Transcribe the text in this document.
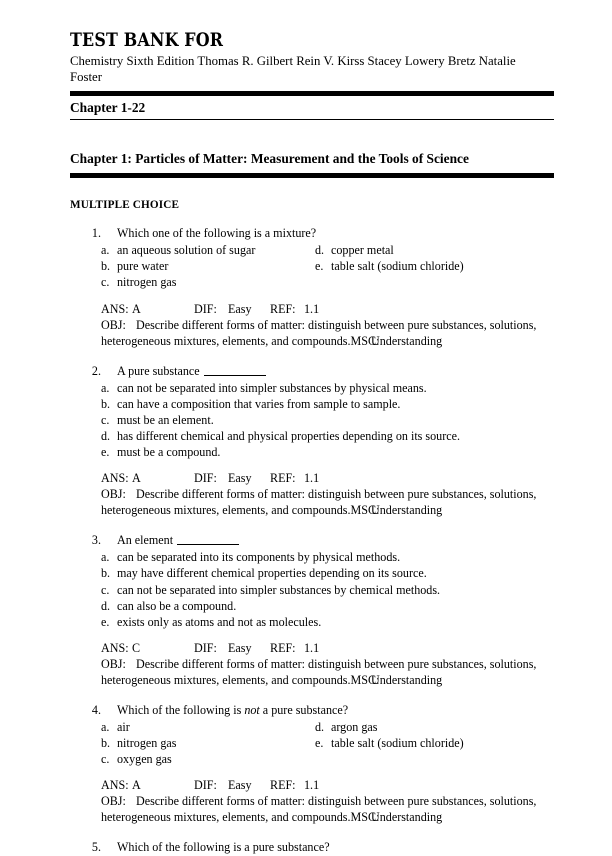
TEST BANK FOR
Chemistry Sixth Edition Thomas R. Gilbert Rein V. Kirss Stacey Lowery Bretz Natalie Foster
Chapter 1-22
Chapter 1: Particles of Matter: Measurement and the Tools of Science
MULTIPLE CHOICE
1.	Which one of the following is a mixture?
a. an aqueous solution of sugar	d. copper metal
b. pure water	e. table salt (sodium chloride)
c. nitrogen gas
ANS: A	DIF: Easy REF: 1.1
OBJ: Describe different forms of matter: distinguish between pure substances, solutions,
heterogeneous mixtures, elements, and compounds.MSC:
Understanding
2.	A pure substance
a. can not be separated into simpler substances by physical means.
b. can have a composition that varies from sample to sample.
c. must be an element.
d. has different chemical and physical properties depending on its source.
e. must be a compound.
ANS: A	DIF: Easy REF: 1.1
OBJ: Describe different forms of matter: distinguish between pure substances, solutions,
heterogeneous mixtures, elements, and compounds.MSC:
Understanding
3.	An element
a. can be separated into its components by physical methods.
b. may have different chemical properties depending on its source.
c. can not be separated into simpler substances by chemical methods.
d. can also be a compound.
e. exists only as atoms and not as molecules.
ANS: C	DIF: Easy REF: 1.1
OBJ: Describe different forms of matter: distinguish between pure substances, solutions,
heterogeneous mixtures, elements, and compounds.MSC:
Understanding
4.	Which of the following is not a pure substance?
a. air	d. argon gas
b. nitrogen gas	e. table salt (sodium chloride)
c. oxygen gas
ANS: A	DIF: Easy REF: 1.1
OBJ: Describe different forms of matter: distinguish between pure substances, solutions,
heterogeneous mixtures, elements, and compounds.MSC:
Understanding
5.	Which of the following is a pure substance?
